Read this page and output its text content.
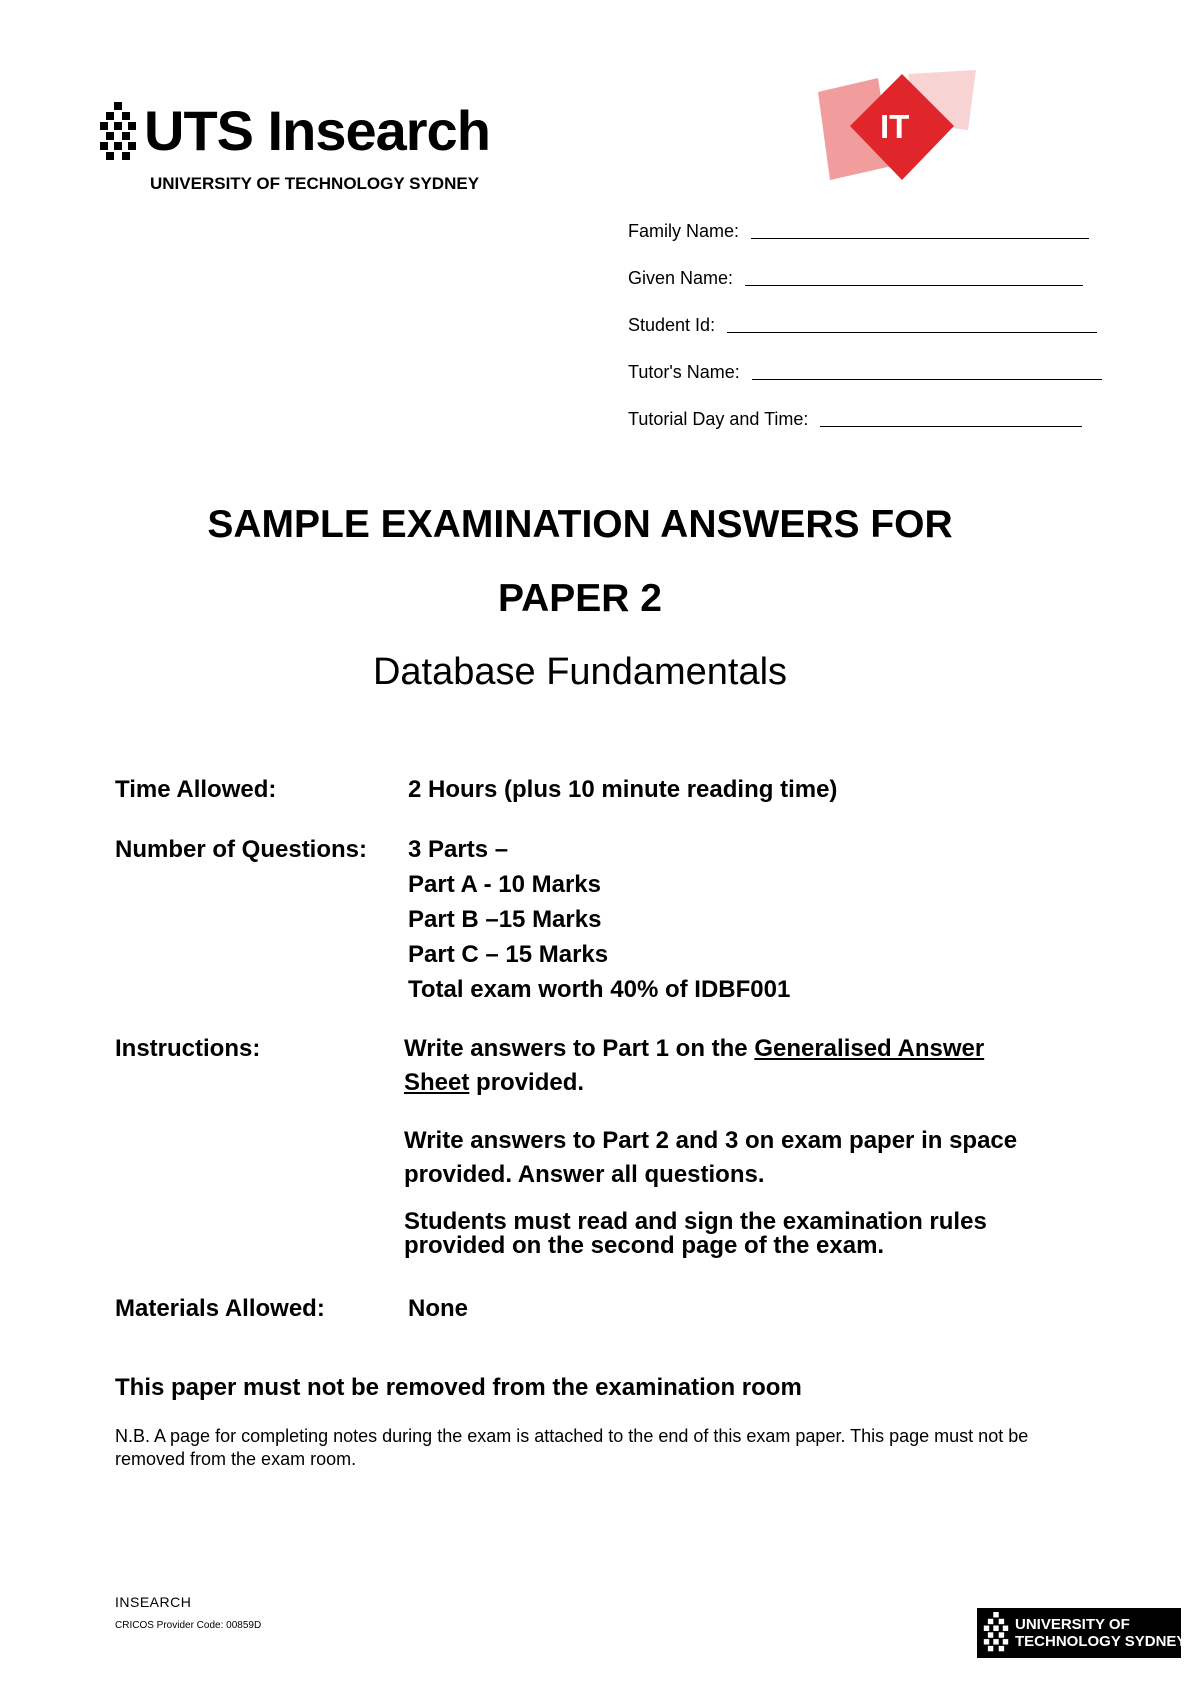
UTS Insearch
UNIVERSITY OF TECHNOLOGY SYDNEY
IT
Family Name:
Given Name:
Student Id:
Tutor's Name:
Tutorial Day and Time:
SAMPLE EXAMINATION ANSWERS FOR
PAPER 2
Database Fundamentals
Time Allowed:	2 Hours (plus 10 minute reading time)
Number of Questions: 3 Parts –
Part A - 10 Marks
Part B –15 Marks
Part C – 15 Marks
Total exam worth 40% of IDBF001
Instructions:	Write answers to Part 1 on the Generalised Answer Sheet provided.
Write answers to Part 2 and 3 on exam paper in space provided. Answer all questions.
Students must read and sign the examination rules provided on the second page of the exam.
Materials Allowed:	None
This paper must not be removed from the examination room
N.B. A page for completing notes during the exam is attached to the end of this exam paper. This page must not be removed from the exam room.
INSEARCH
CRICOS Provider Code: 00859D	UNIVERSITY OF
TECHNOLOGY SYDNEY
